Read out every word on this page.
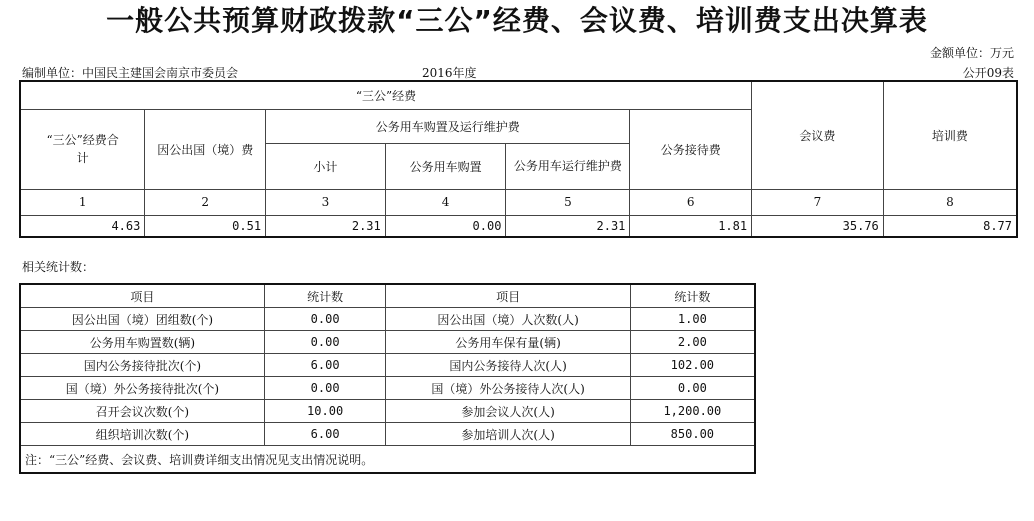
一般公共预算财政拨款“三公”经费、会议费、培训费支出决算表
金额单位：万元
编制单位：中国民主建国会南京市委员会	2016年度	公开09表
“三公”经费						会议费	培训费
“三公”经费合计	因公出国（境）费	公务用车购置及运行维护费			公务接待费		
		小计	公务用车购置	公务用车运行维护费			
1	2	3	4	5	6	7	8
4.63	0.51	2.31	0.00	2.31	1.81	35.76	8.77
相关统计数：
项目	统计数	项目	统计数
因公出国（境）团组数(个)	0.00	因公出国（境）人次数(人)	1.00
公务用车购置数(辆)	0.00	公务用车保有量(辆)	2.00
国内公务接待批次(个)	6.00	国内公务接待人次(人)	102.00
国（境）外公务接待批次(个)	0.00	国（境）外公务接待人次(人)	0.00
召开会议次数(个)	10.00	参加会议人次(人)	1,200.00
组织培训次数(个)	6.00	参加培训人次(人)	850.00
注：“三公”经费、会议费、培训费详细支出情况见支出情况说明。			
